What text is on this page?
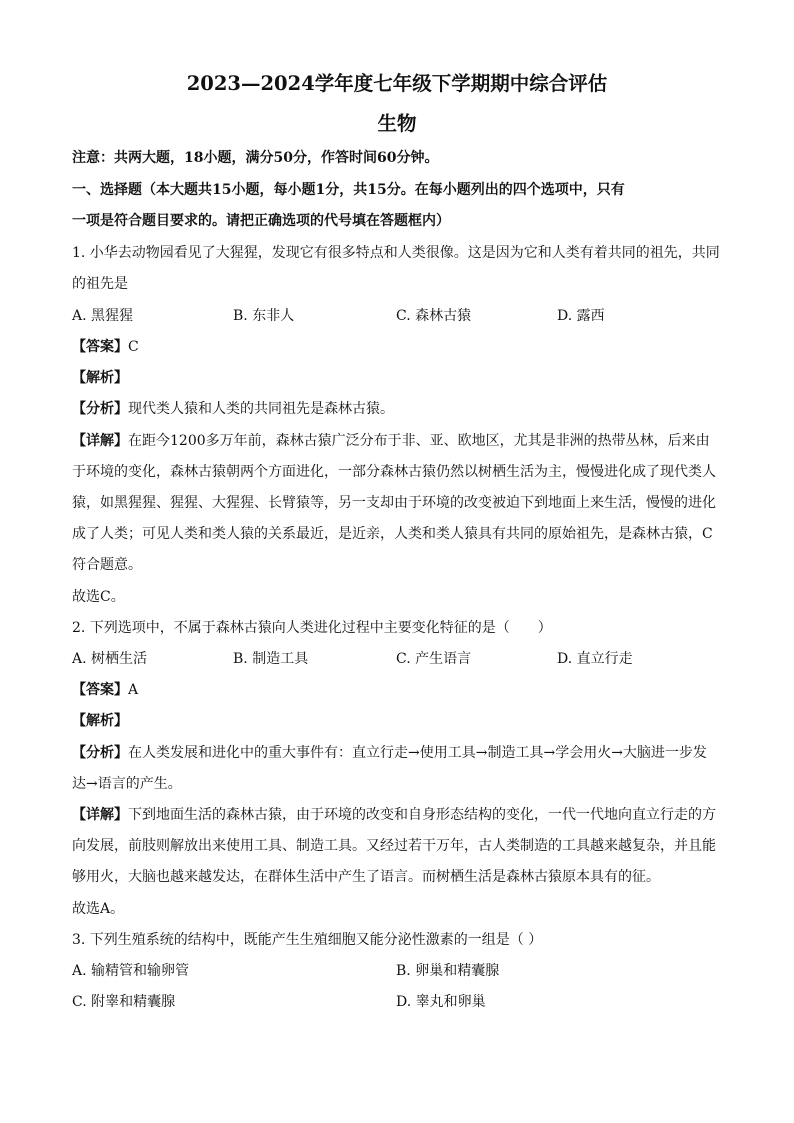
2023—2024学年度七年级下学期期中综合评估
生物
注意：共两大题，18小题，满分50分，作答时间60分钟。
一、选择题（本大题共15小题，每小题1分，共15分。在每小题列出的四个选项中，只有
一项是符合题目要求的。请把正确选项的代号填在答题框内）
1. 小华去动物园看见了大猩猩，发现它有很多特点和人类很像。这是因为它和人类有着共同的祖先，共同
的祖先是
A. 黑猩猩	B. 东非人	C. 森林古猿	D. 露西
【答案】C
【解析】
【分析】现代类人猿和人类的共同祖先是森林古猿。
【详解】在距今1200多万年前，森林古猿广泛分布于非、亚、欧地区，尤其是非洲的热带丛林，后来由
于环境的变化，森林古猿朝两个方面进化，一部分森林古猿仍然以树栖生活为主，慢慢进化成了现代类人
猿，如黑猩猩、猩猩、大猩猩、长臂猿等，另一支却由于环境的改变被迫下到地面上来生活，慢慢的进化
成了人类；可见人类和类人猿的关系最近，是近亲，人类和类人猿具有共同的原始祖先，是森林古猿，C
符合题意。
故选C。
2. 下列选项中，不属于森林古猿向人类进化过程中主要变化特征的是（　　）
A. 树栖生活	B. 制造工具	C. 产生语言	D. 直立行走
【答案】A
【解析】
【分析】在人类发展和进化中的重大事件有：直立行走→使用工具→制造工具→学会用火→大脑进一步发
达→语言的产生。
【详解】下到地面生活的森林古猿，由于环境的改变和自身形态结构的变化，一代一代地向直立行走的方
向发展，前肢则解放出来使用工具、制造工具。又经过若干万年，古人类制造的工具越来越复杂，并且能
够用火，大脑也越来越发达，在群体生活中产生了语言。而树栖生活是森林古猿原本具有的征。
故选A。
3. 下列生殖系统的结构中，既能产生生殖细胞又能分泌性激素的一组是（ ）
A. 输精管和输卵管	B. 卵巢和精囊腺
C. 附睾和精囊腺	D. 睾丸和卵巢
